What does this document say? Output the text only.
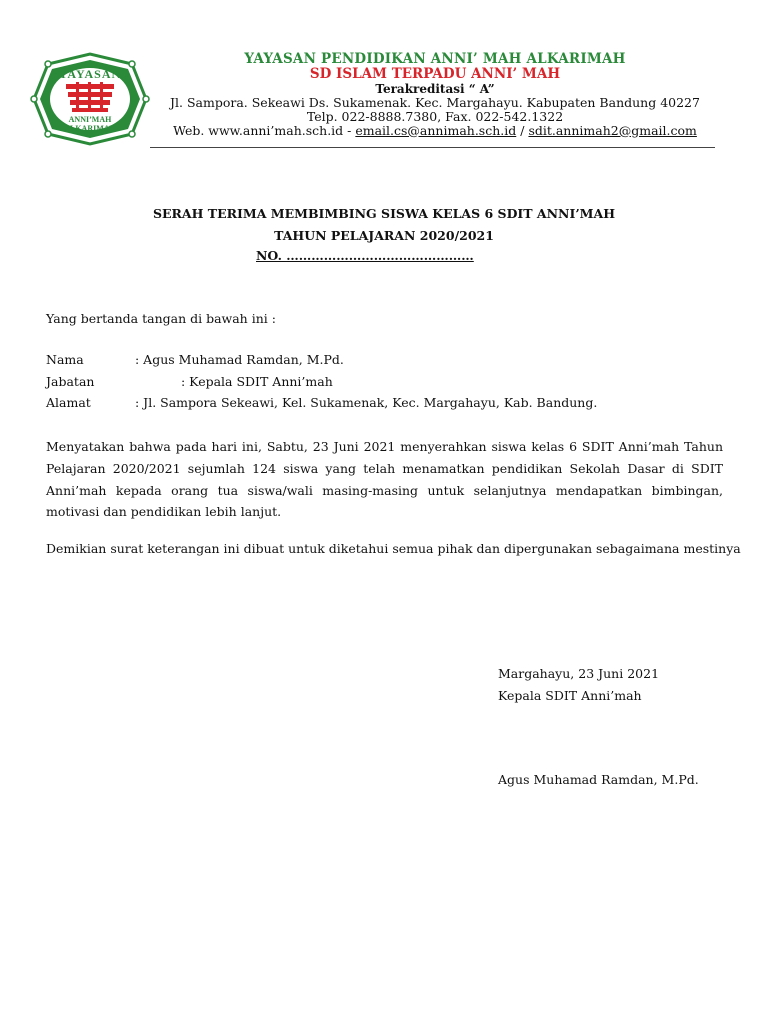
YAYASAN
ANNI’MAH
ALKARIMAH
YAYASAN PENDIDIKAN ANNI’ MAH ALKARIMAH
SD ISLAM TERPADU ANNI’ MAH
Terakreditasi “ A”
Jl. Sampora. Sekeawi Ds. Sukamenak. Kec. Margahayu. Kabupaten Bandung 40227
Telp. 022-8888.7380, Fax. 022-542.1322
Web. www.anni’mah.sch.id - email.cs@annimah.sch.id / sdit.annimah2@gmail.com
SERAH TERIMA MEMBIMBING SISWA KELAS 6 SDIT ANNI’MAH
TAHUN PELAJARAN 2020/2021
NO. ………………………………………
Yang bertanda tangan di bawah ini :
Nama	: Agus Muhamad Ramdan, M.Pd.
Jabatan	: Kepala SDIT Anni’mah
Alamat	: Jl. Sampora Sekeawi, Kel. Sukamenak, Kec. Margahayu, Kab. Bandung.
Menyatakan bahwa pada hari ini, Sabtu, 23 Juni 2021 menyerahkan siswa kelas 6 SDIT Anni’mah Tahun Pelajaran 2020/2021 sejumlah 124 siswa yang telah menamatkan pendidikan Sekolah Dasar di SDIT Anni’mah kepada orang tua siswa/wali masing-masing untuk selanjutnya mendapatkan bimbingan, motivasi dan pendidikan lebih lanjut.
Demikian surat keterangan ini dibuat untuk diketahui semua pihak dan dipergunakan sebagaimana mestinya
Margahayu, 23 Juni 2021
Kepala SDIT Anni’mah
Agus Muhamad Ramdan, M.Pd.
